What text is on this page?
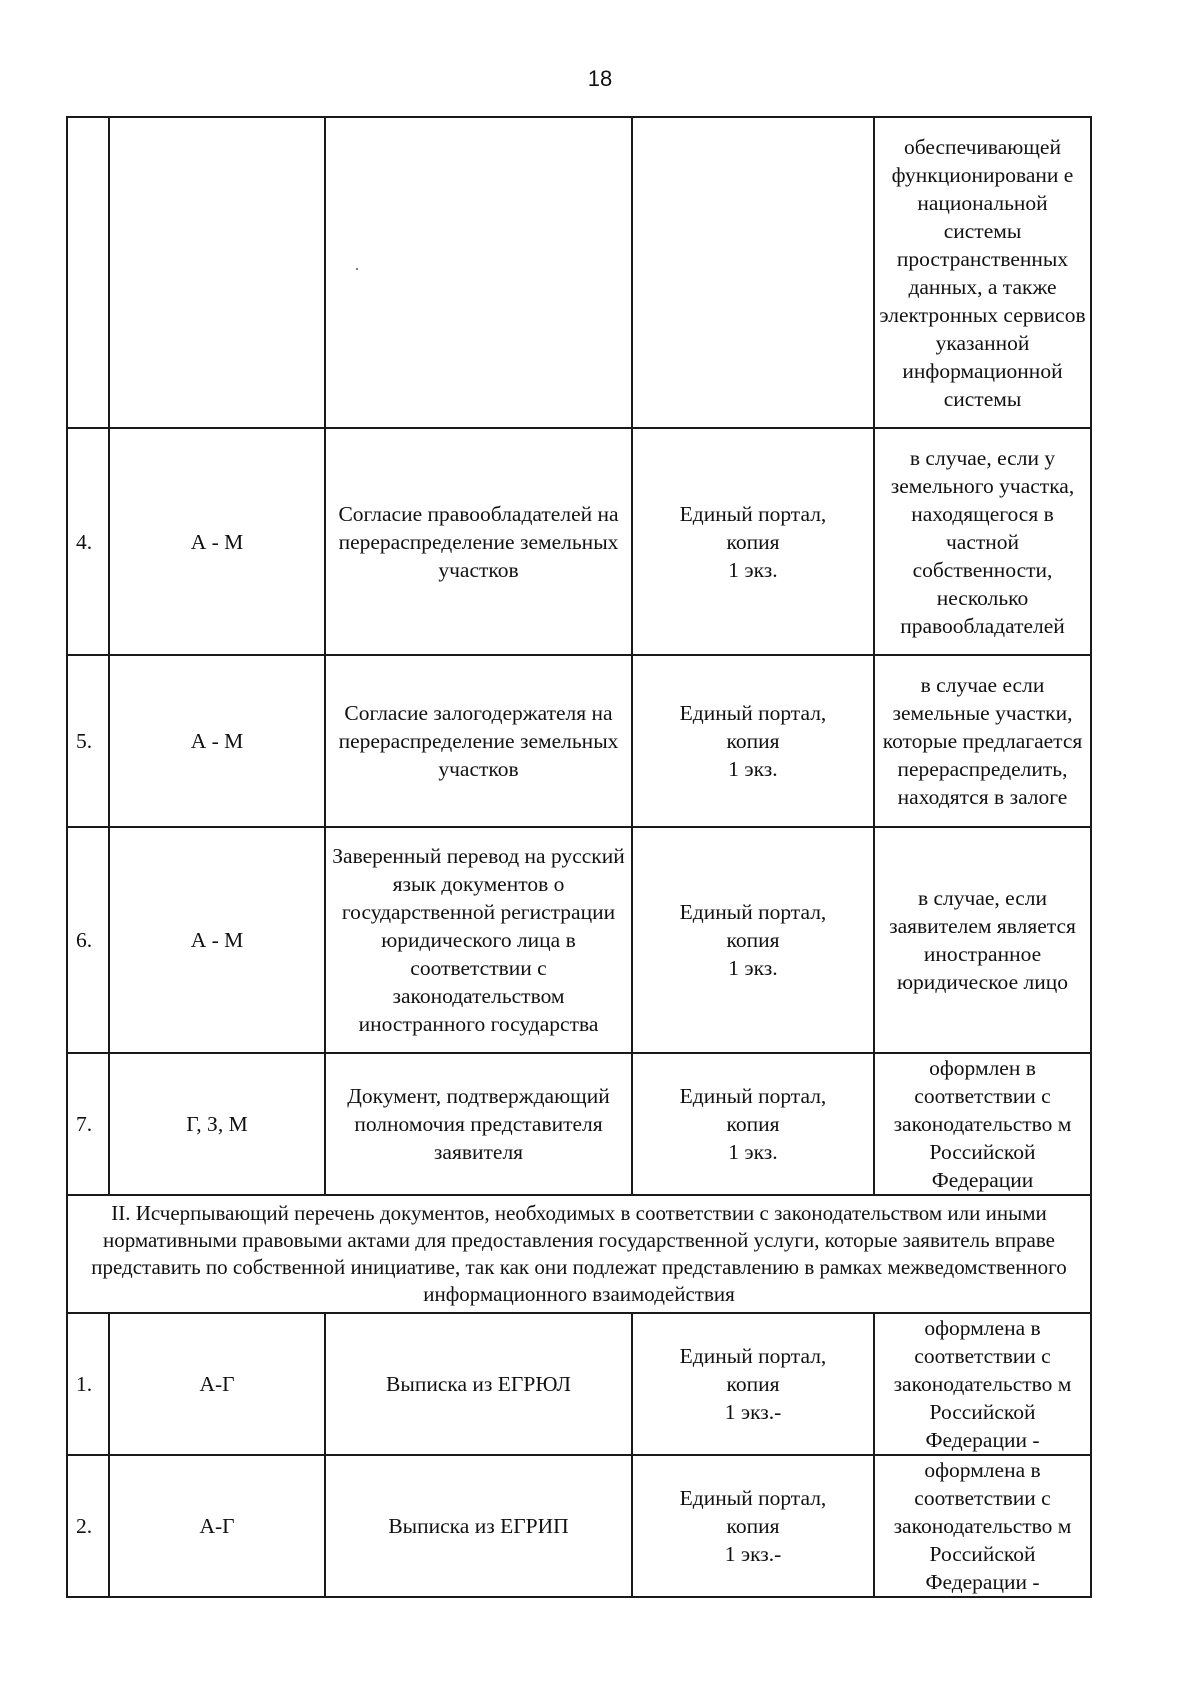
18
				обеспечивающей функционировани е национальной системы пространственных данных, а также электронных сервисов указанной информационной системы
4.	А - М	Согласие правообладателей на перераспределение земельных участков	Единый портал,
копия
1 экз.	в случае, если у земельного участка, находящегося в частной собственности, несколько правообладателей
5.	А - М	Согласие залогодержателя на перераспределение земельных участков	Единый портал,
копия
1 экз.	в случае если земельные участки, которые предлагается перераспределить, находятся в залоге
6.	А - М	Заверенный перевод на русский язык документов о государственной регистрации юридического лица в соответствии с законодательством иностранного государства	Единый портал,
копия
1 экз.	в случае, если заявителем является иностранное юридическое лицо
7.	Г, З, М	Документ, подтверждающий полномочия представителя заявителя	Единый портал,
копия
1 экз.	оформлен в соответствии с законодательство м Российской Федерации
II. Исчерпывающий перечень документов, необходимых в соответствии с законодательством или иными нормативными правовыми актами для предоставления государственной услуги, которые заявитель вправе представить по собственной инициативе, так как они подлежат представлению в рамках межведомственного информационного взаимодействия				
1.	А-Г	Выписка из ЕГРЮЛ	Единый портал,
копия
1 экз.-	оформлена в соответствии с законодательство м Российской Федерации -
2.	А-Г	Выписка из ЕГРИП	Единый портал,
копия
1 экз.-	оформлена в соответствии с законодательство м Российской Федерации -
